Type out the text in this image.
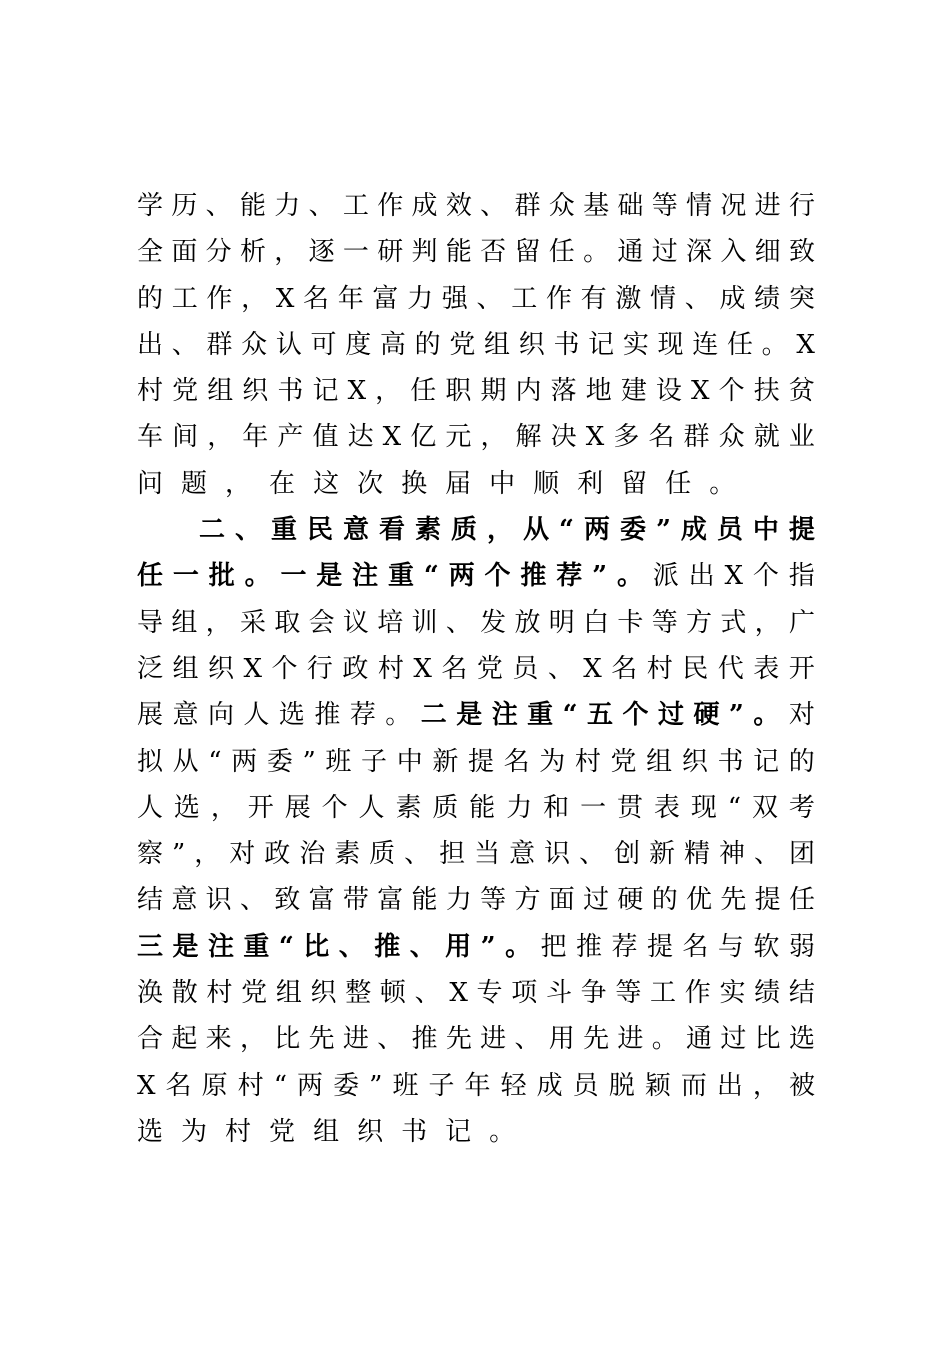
学 历 、 能 力 、 工 作 成 效 、 群 众 基 础 等 情 况 进 行
全 面 分 析 ， 逐 一 研 判 能 否 留 任 。 通 过 深 入 细 致
的 工 作 ， X 名 年 富 力 强 、 工 作 有 激 情 、 成 绩 突
出 、 群 众 认 可 度 高 的 党 组 织 书 记 实 现 连 任 。 X
村 党 组 织 书 记 X ， 任 职 期 内 落 地 建 设 X 个 扶 贫
车 间 ， 年 产 值 达 X 亿 元 ， 解 决 X 多 名 群 众 就 业
问 题 ， 在 这 次 换 届 中 顺 利 留 任 。
二 、 重 民 意 看 素 质 ， 从 “ 两 委 ” 成 员 中 提
任 一 批 。 一 是 注 重 “ 两 个 推 荐 ” 。 派 出 X 个 指
导 组 ， 采 取 会 议 培 训 、 发 放 明 白 卡 等 方 式 ， 广
泛 组 织 X 个 行 政 村 X 名 党 员 、 X 名 村 民 代 表 开
展 意 向 人 选 推 荐 。 二 是 注 重 “ 五 个 过 硬 ” 。 对
拟 从 “ 两 委 ” 班 子 中 新 提 名 为 村 党 组 织 书 记 的
人 选 ， 开 展 个 人 素 质 能 力 和 一 贯 表 现 “ 双 考
察 ” ， 对 政 治 素 质 、 担 当 意 识 、 创 新 精 神 、 团
结 意 识 、 致 富 带 富 能 力 等 方 面 过 硬 的 优 先 提 任
三 是 注 重 “ 比 、 推 、 用 ” 。 把 推 荐 提 名 与 软 弱
涣 散 村 党 组 织 整 顿 、 X 专 项 斗 争 等 工 作 实 绩 结
合 起 来 ， 比 先 进 、 推 先 进 、 用 先 进 。 通 过 比 选
X 名 原 村 “ 两 委 ” 班 子 年 轻 成 员 脱 颖 而 出 ， 被
选 为 村 党 组 织 书 记 。
